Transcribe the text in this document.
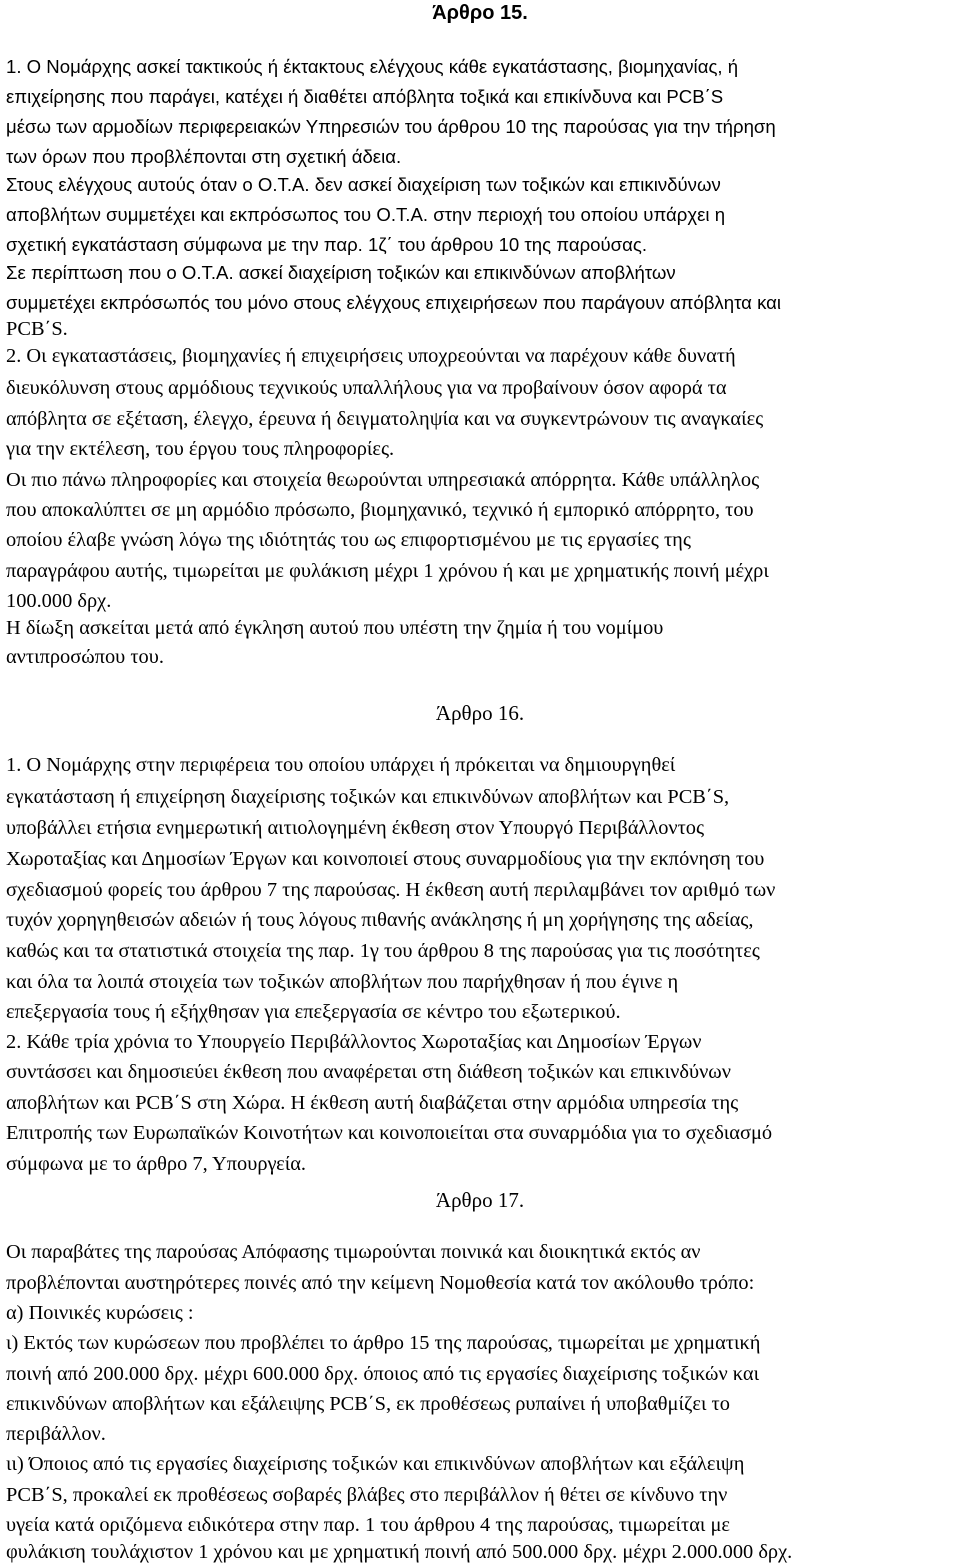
Άρθρο 15.
1. Ο Νομάρχης ασκεί τακτικούς ή έκτακτους ελέγχους κάθε εγκατάστασης, βιομηχανίας, ή
επιχείρησης που παράγει, κατέχει ή διαθέτει απόβλητα τοξικά και επικίνδυνα και PCB΄S
μέσω των αρμοδίων περιφερειακών Υπηρεσιών του άρθρου 10 της παρούσας για την τήρηση
των όρων που προβλέπονται στη σχετική άδεια.
Στους ελέγχους αυτούς όταν ο Ο.Τ.Α. δεν ασκεί διαχείριση των τοξικών και επικινδύνων
αποβλήτων συμμετέχει και εκπρόσωπος του Ο.Τ.Α. στην περιοχή του οποίου υπάρχει η
σχετική εγκατάσταση σύμφωνα με την παρ. 1ζ΄ του άρθρου 10 της παρούσας.
Σε περίπτωση που ο Ο.Τ.Α. ασκεί διαχείριση τοξικών και επικινδύνων αποβλήτων
συμμετέχει εκπρόσωπός του μόνο στους ελέγχους επιχειρήσεων που παράγουν απόβλητα και
PCB΄S.
2. Οι εγκαταστάσεις, βιομηχανίες ή επιχειρήσεις υποχρεούνται να παρέχουν κάθε δυνατή
διευκόλυνση στους αρμόδιους τεχνικούς υπαλλήλους για να προβαίνουν όσον αφορά τα
απόβλητα σε εξέταση, έλεγχο, έρευνα ή δειγματοληψία και να συγκεντρώνουν τις αναγκαίες
για την εκτέλεση, του έργου τους πληροφορίες.
Οι πιο πάνω πληροφορίες και στοιχεία θεωρούνται υπηρεσιακά απόρρητα. Κάθε υπάλληλος
που αποκαλύπτει σε μη αρμόδιο πρόσωπο, βιομηχανικό, τεχνικό ή εμπορικό απόρρητο, του
οποίου έλαβε γνώση λόγω της ιδιότητάς του ως επιφορτισμένου με τις εργασίες της
παραγράφου αυτής, τιμωρείται με φυλάκιση μέχρι 1 χρόνου ή και με χρηματικής ποινή μέχρι
100.000 δρχ.
Η δίωξη ασκείται μετά από έγκληση αυτού που υπέστη την ζημία ή του νομίμου
αντιπροσώπου του.
Άρθρο 16.
1. Ο Νομάρχης στην περιφέρεια του οποίου υπάρχει ή πρόκειται να δημιουργηθεί
εγκατάσταση ή επιχείρηση διαχείρισης τοξικών και επικινδύνων αποβλήτων και PCB΄S,
υποβάλλει ετήσια ενημερωτική αιτιολογημένη έκθεση στον Υπουργό Περιβάλλοντος
Χωροταξίας και Δημοσίων Έργων και κοινοποιεί στους συναρμοδίους για την εκπόνηση του
σχεδιασμού φορείς του άρθρου 7 της παρούσας. Η έκθεση αυτή περιλαμβάνει τον αριθμό των
τυχόν χορηγηθεισών αδειών ή τους λόγους πιθανής ανάκλησης ή μη χορήγησης της αδείας,
καθώς και τα στατιστικά στοιχεία της παρ. 1γ του άρθρου 8 της παρούσας για τις ποσότητες
και όλα τα λοιπά στοιχεία των τοξικών αποβλήτων που παρήχθησαν ή που έγινε η
επεξεργασία τους ή εξήχθησαν για επεξεργασία σε κέντρο του εξωτερικού.
2. Κάθε τρία χρόνια το Υπουργείο Περιβάλλοντος Χωροταξίας και Δημοσίων Έργων
συντάσσει και δημοσιεύει έκθεση που αναφέρεται στη διάθεση τοξικών και επικινδύνων
αποβλήτων και PCB΄S στη Χώρα. Η έκθεση αυτή διαβάζεται στην αρμόδια υπηρεσία της
Επιτροπής των Ευρωπαϊκών Κοινοτήτων και κοινοποιείται στα συναρμόδια για το σχεδιασμό
σύμφωνα με το άρθρο 7, Υπουργεία.
Άρθρο 17.
Οι παραβάτες της παρούσας Απόφασης τιμωρούνται ποινικά και διοικητικά εκτός αν
προβλέπονται αυστηρότερες ποινές από την κείμενη Νομοθεσία κατά τον ακόλουθο τρόπο:
α) Ποινικές κυρώσεις :
ι) Εκτός των κυρώσεων που προβλέπει το άρθρο 15 της παρούσας, τιμωρείται με χρηματική
ποινή από 200.000 δρχ. μέχρι 600.000 δρχ. όποιος από τις εργασίες διαχείρισης τοξικών και
επικινδύνων αποβλήτων και εξάλειψης PCB΄S, εκ προθέσεως ρυπαίνει ή υποβαθμίζει το
περιβάλλον.
ιι) Όποιος από τις εργασίες διαχείρισης τοξικών και επικινδύνων αποβλήτων και εξάλειψη
PCB΄S, προκαλεί εκ προθέσεως σοβαρές βλάβες στο περιβάλλον ή θέτει σε κίνδυνο την
υγεία κατά οριζόμενα ειδικότερα στην παρ. 1 του άρθρου 4 της παρούσας, τιμωρείται με
φυλάκιση τουλάχιστον 1 χρόνου και με χρηματική ποινή από 500.000 δρχ. μέχρι 2.000.000 δρχ.
